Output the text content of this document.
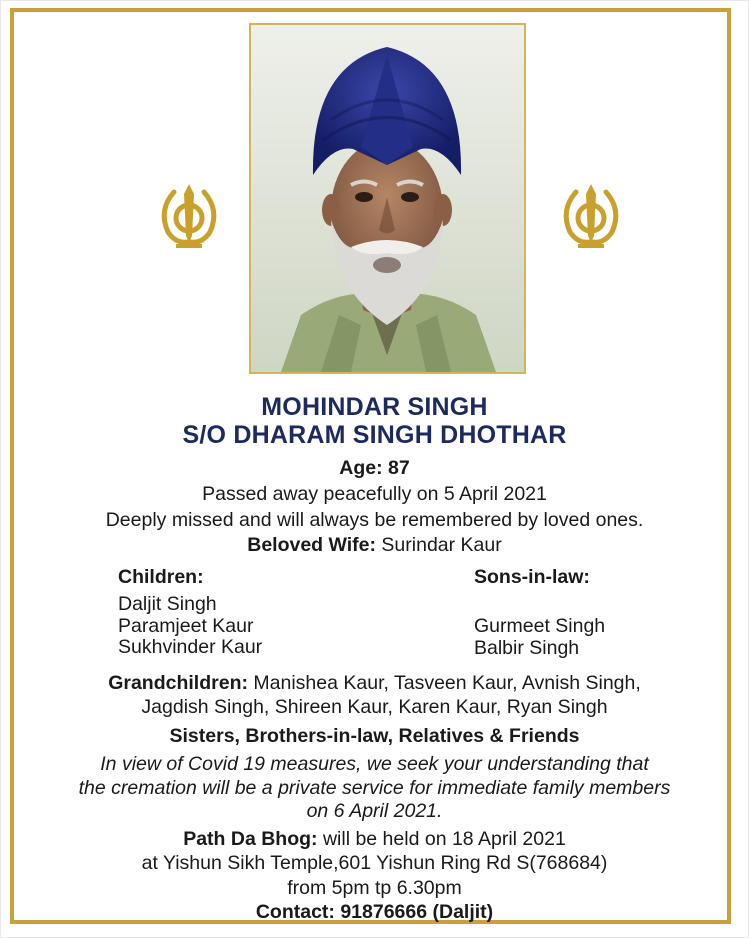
MOHINDAR SINGH
S/O DHARAM SINGH DHOTHAR
Age: 87
Passed away peacefully on 5 April 2021
Deeply missed and will always be remembered by loved ones.
Beloved Wife: Surindar Kaur
Children:
Daljit Singh
Paramjeet Kaur
Sukhvinder Kaur
Sons-in-law:
Gurmeet Singh
Balbir Singh
Grandchildren: Manishea Kaur, Tasveen Kaur, Avnish Singh,
Jagdish Singh, Shireen Kaur, Karen Kaur, Ryan Singh
Sisters, Brothers-in-law, Relatives & Friends
In view of Covid 19 measures, we seek your understanding that
the cremation will be a private service for immediate family members
on 6 April 2021.
Path Da Bhog: will be held on 18 April 2021
at Yishun Sikh Temple,601 Yishun Ring Rd S(768684)
from 5pm tp 6.30pm
Contact: 91876666 (Daljit)
